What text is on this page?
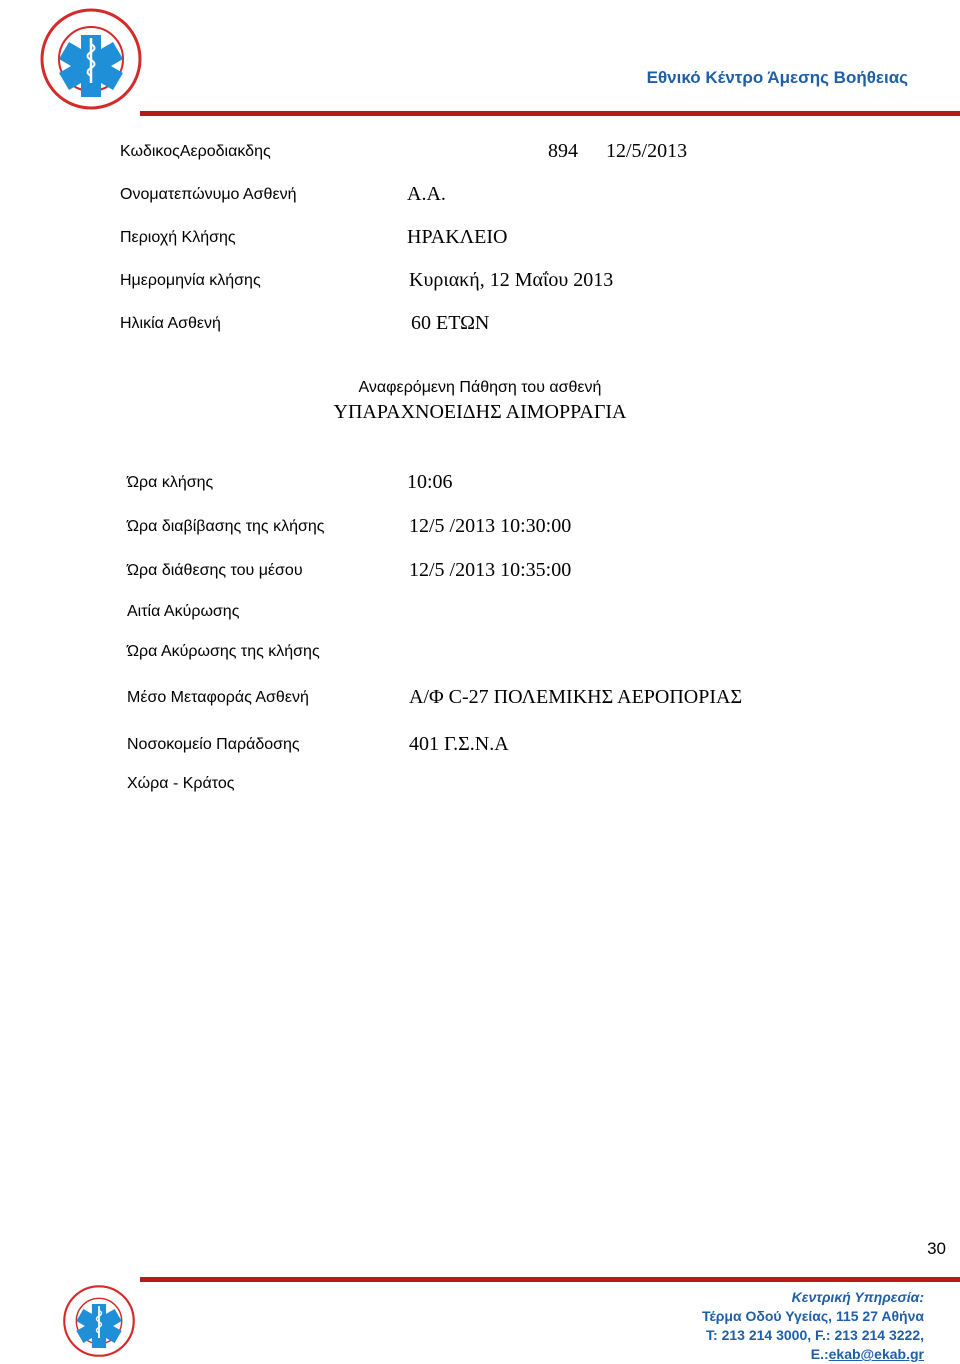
Εθνικό Κέντρο Άμεσης Βοήθειας
ΚωδικοςΑεροδιακδης	894 12/5/2013
Ονοματεπώνυμο Ασθενή	Α.Α.
Περιοχή Κλήσης	ΗΡΑΚΛΕΙΟ
Ημερομηνία κλήσης	Κυριακή, 12 Μαΐου 2013
Ηλικία Ασθενή	60 ΕΤΩΝ
Αναφερόμενη Πάθηση του ασθενή
ΥΠΑΡΑΧΝΟΕΙΔΗΣ ΑΙΜΟΡΡΑΓΙΑ
Ώρα κλήσης	10:06
Ώρα διαβίβασης της κλήσης	12/5 /2013 10:30:00
Ώρα διάθεσης του μέσου	12/5 /2013 10:35:00
Αιτία Ακύρωσης
Ώρα Ακύρωσης της κλήσης
Μέσο Μεταφοράς Ασθενή	Α/Φ C-27 ΠΟΛΕΜΙΚΗΣ ΑΕΡΟΠΟΡΙΑΣ
Νοσοκομείο Παράδοσης	401 Γ.Σ.Ν.Α
Χώρα - Κράτος
30
Κεντρική Υπηρεσία:
Τέρμα Οδού Υγείας, 115 27 Αθήνα
Τ: 213 214 3000, F.: 213 214 3222,
E.:ekab@ekab.gr
